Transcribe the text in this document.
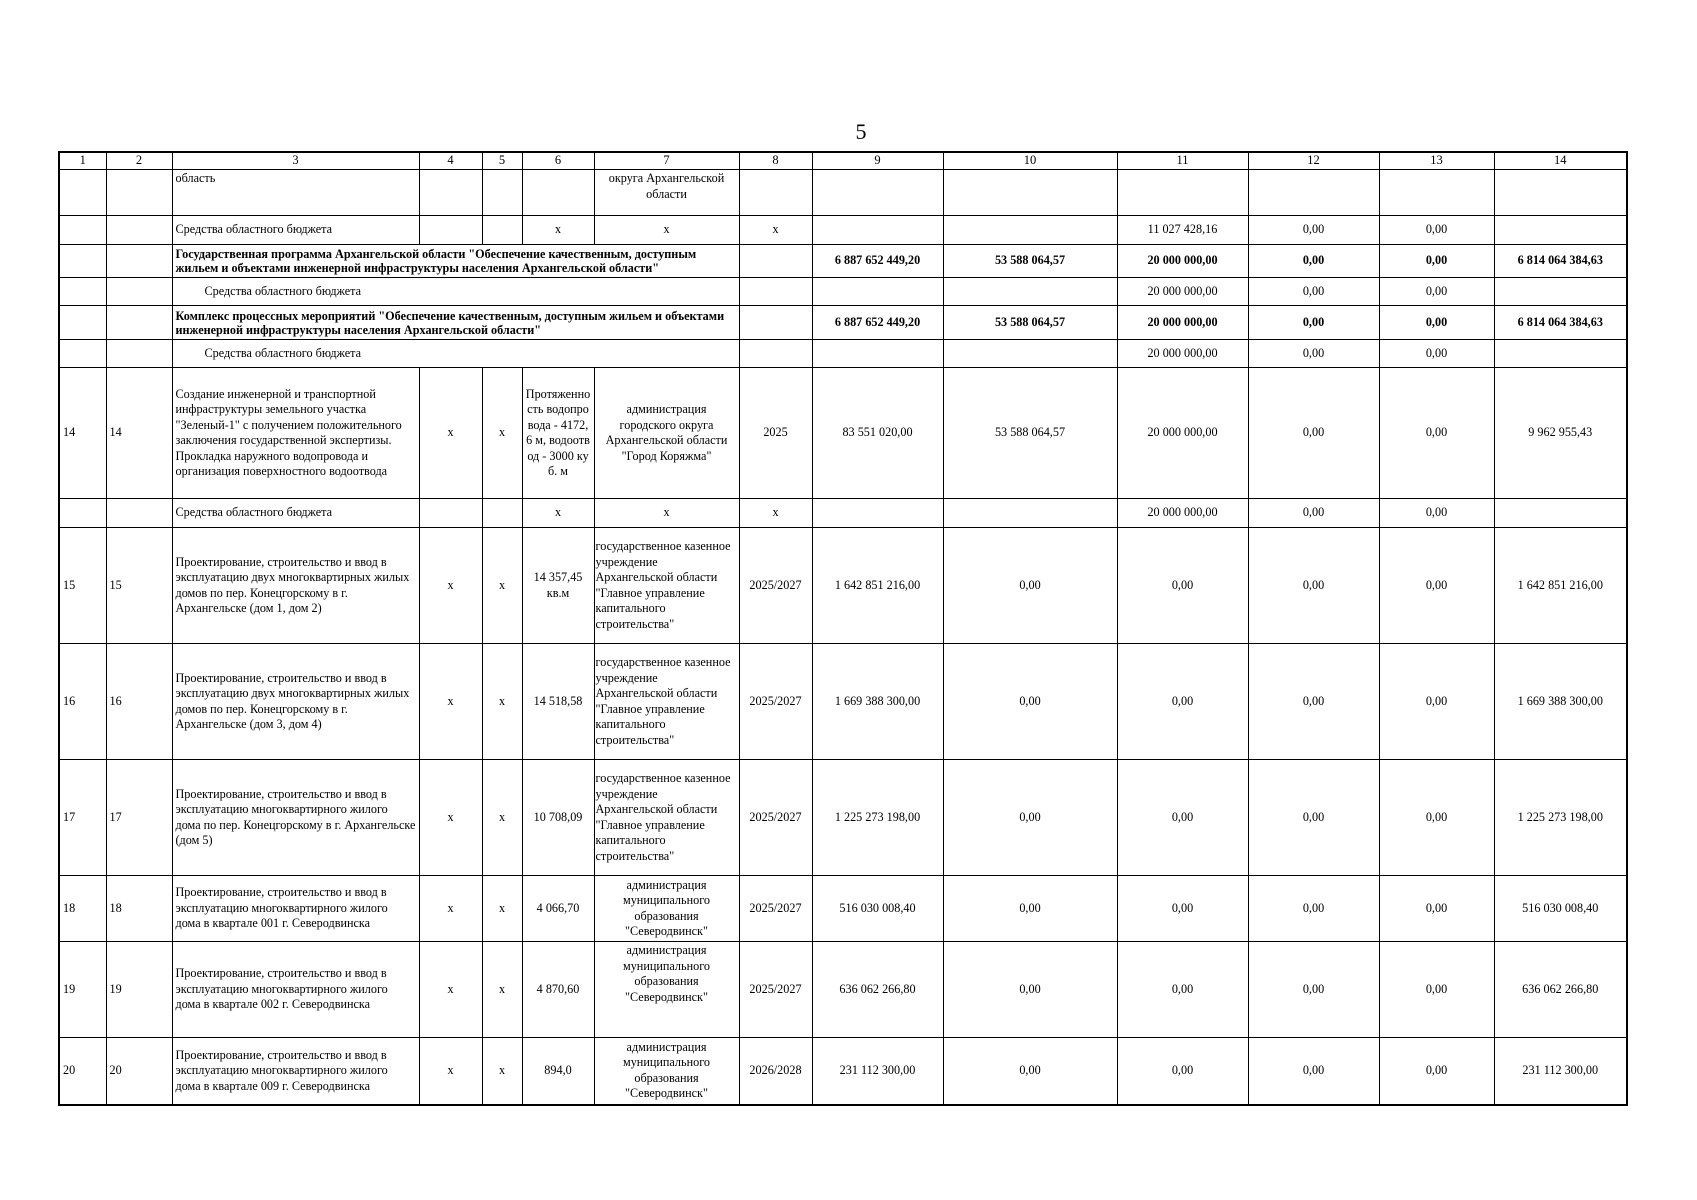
5
1	2	3	4	5	6	7	8	9	10	11	12	13	14
		область				округа Архангельской области							
		Средства областного бюджета			х	х	х			11 027 428,16	0,00	0,00	
		Государственная программа Архангельской области "Обеспечение качественным, доступным жильем и объектами инженерной инфраструктуры населения Архангельской области"						6 887 652 449,20	53 588 064,57	20 000 000,00	0,00	0,00	6 814 064 384,63
		Средства областного бюджета								20 000 000,00	0,00	0,00	
		Комплекс процессных мероприятий "Обеспечение качественным, доступным жильем и объектами инженерной инфраструктуры населения Архангельской области"						6 887 652 449,20	53 588 064,57	20 000 000,00	0,00	0,00	6 814 064 384,63
		Средства областного бюджета								20 000 000,00	0,00	0,00	
14	14	Создание инженерной и транспортной инфраструктуры земельного участка "Зеленый-1" с получением положительного заключения государственной экспертизы. Прокладка наружного водопровода и организация поверхностного водоотвода	х	х	Протяженность водопровода - 4172,6 м, водоотвод - 3000 куб. м	администрация городского округа Архангельской области "Город Коряжма"	2025	83 551 020,00	53 588 064,57	20 000 000,00	0,00	0,00	9 962 955,43
		Средства областного бюджета			х	х	х			20 000 000,00	0,00	0,00	
15	15	Проектирование, строительство и ввод в эксплуатацию двух многоквартирных жилых домов по пер. Конецгорскому в г. Архангельске (дом 1, дом 2)	х	х	14 357,45 кв.м	государственное казенное учреждение Архангельской области "Главное управление капитального строительства"	2025/2027	1 642 851 216,00	0,00	0,00	0,00	0,00	1 642 851 216,00
16	16	Проектирование, строительство и ввод в эксплуатацию двух многоквартирных жилых домов по пер. Конецгорскому в г. Архангельске (дом 3, дом 4)	х	х	14 518,58	государственное казенное учреждение Архангельской области "Главное управление капитального строительства"	2025/2027	1 669 388 300,00	0,00	0,00	0,00	0,00	1 669 388 300,00
17	17	Проектирование, строительство и ввод в эксплуатацию многоквартирного жилого дома по пер. Конецгорскому в г. Архангельске (дом 5)	х	х	10 708,09	государственное казенное учреждение Архангельской области "Главное управление капитального строительства"	2025/2027	1 225 273 198,00	0,00	0,00	0,00	0,00	1 225 273 198,00
18	18	Проектирование, строительство и ввод в эксплуатацию многоквартирного жилого дома в квартале 001 г. Северодвинска	х	х	4 066,70	администрация муниципального образования "Северодвинск"	2025/2027	516 030 008,40	0,00	0,00	0,00	0,00	516 030 008,40
19	19	Проектирование, строительство и ввод в эксплуатацию многоквартирного жилого дома в квартале 002 г. Северодвинска	х	х	4 870,60	администрация муниципального образования "Северодвинск"	2025/2027	636 062 266,80	0,00	0,00	0,00	0,00	636 062 266,80
20	20	Проектирование, строительство и ввод в эксплуатацию многоквартирного жилого дома в квартале 009 г. Северодвинска	х	х	894,0	администрация муниципального образования "Северодвинск"	2026/2028	231 112 300,00	0,00	0,00	0,00	0,00	231 112 300,00
